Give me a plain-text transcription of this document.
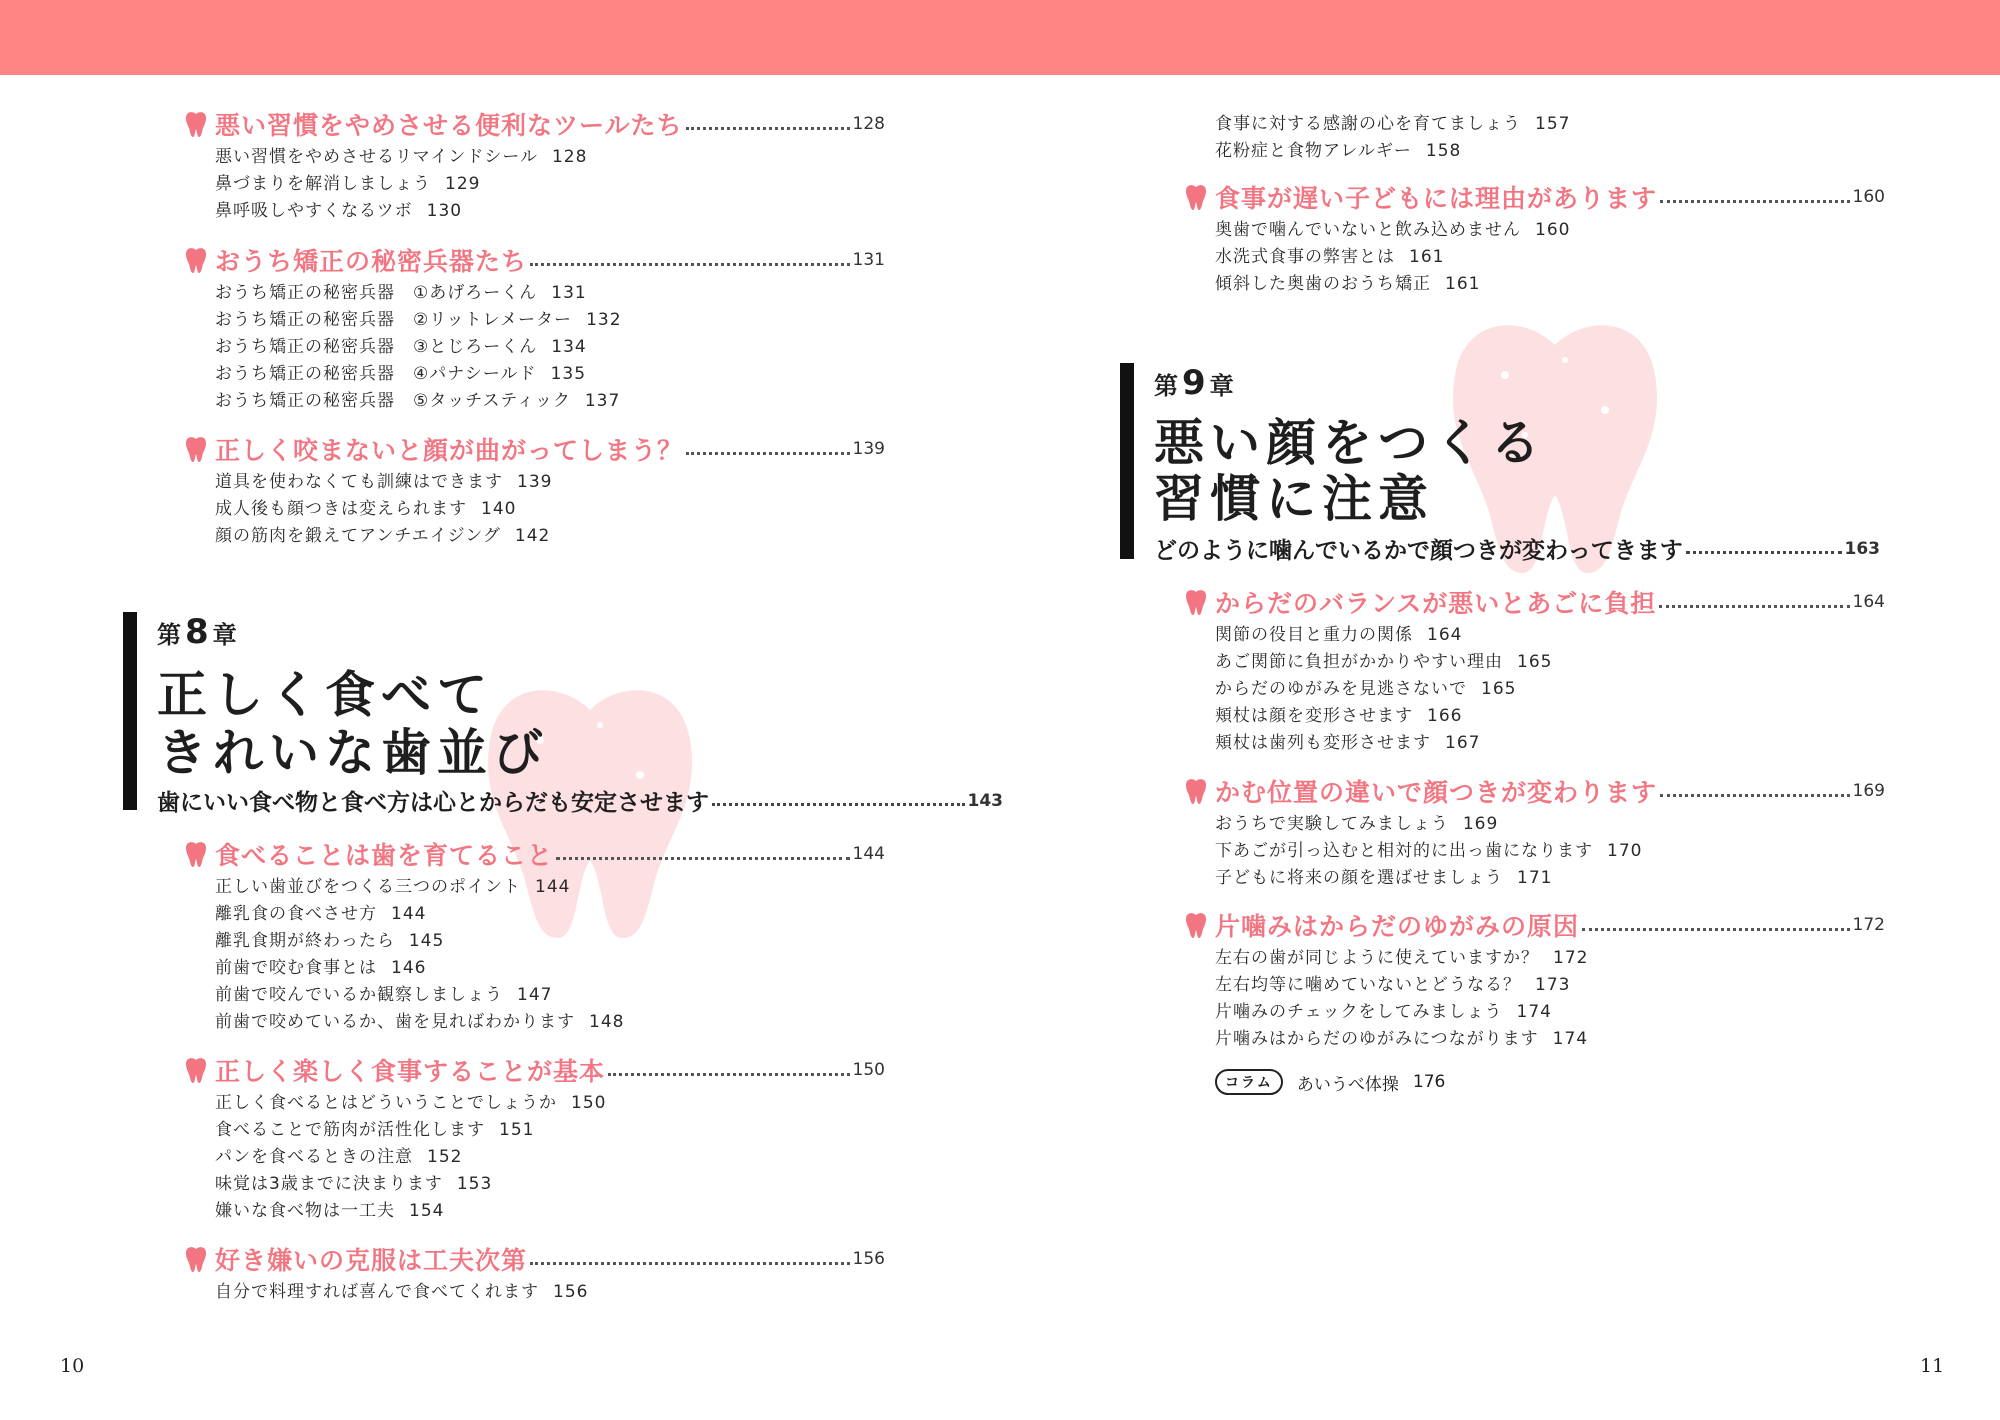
悪い習慣をやめさせる便利なツールたち	128
悪い習慣をやめさせるリマインドシール 128
鼻づまりを解消しましょう 129
鼻呼吸しやすくなるツボ 130
おうち矯正の秘密兵器たち	131
おうち矯正の秘密兵器　①あげろーくん 131
おうち矯正の秘密兵器　②リットレメーター 132
おうち矯正の秘密兵器　③とじろーくん 134
おうち矯正の秘密兵器　④パナシールド 135
おうち矯正の秘密兵器　⑤タッチスティック 137
正しく咬まないと顔が曲がってしまう？	139
道具を使わなくても訓練はできます 139
成人後も顔つきは変えられます 140
顔の筋肉を鍛えてアンチエイジング 142
第 8 章
正しく食べて
きれいな歯並び
歯にいい食べ物と食べ方は心とからだも安定させます	143
食べることは歯を育てること	144
正しい歯並びをつくる三つのポイント 144
離乳食の食べさせ方 144
離乳食期が終わったら 145
前歯で咬む食事とは 146
前歯で咬んでいるか観察しましょう 147
前歯で咬めているか、歯を見ればわかります 148
正しく楽しく食事することが基本	150
正しく食べるとはどういうことでしょうか 150
食べることで筋肉が活性化します 151
パンを食べるときの注意 152
味覚は3歳までに決まります 153
嫌いな食べ物は一工夫 154
好き嫌いの克服は工夫次第	156
自分で料理すれば喜んで食べてくれます 156
10
食事に対する感謝の心を育てましょう 157
花粉症と食物アレルギー 158
食事が遅い子どもには理由があります	160
奥歯で噛んでいないと飲み込めません 160
水洗式食事の弊害とは 161
傾斜した奥歯のおうち矯正 161
第 9 章
悪い顔をつくる
習慣に注意
どのように噛んでいるかで顔つきが変わってきます	163
からだのバランスが悪いとあごに負担	164
関節の役目と重力の関係 164
あご関節に負担がかかりやすい理由 165
からだのゆがみを見逃さないで 165
頬杖は顔を変形させます 166
頬杖は歯列も変形させます 167
かむ位置の違いで顔つきが変わります	169
おうちで実験してみましょう 169
下あごが引っ込むと相対的に出っ歯になります 170
子どもに将来の顔を選ばせましょう 171
片噛みはからだのゆがみの原因	172
左右の歯が同じように使えていますか？ 172
左右均等に噛めていないとどうなる？ 173
片噛みのチェックをしてみましょう 174
片噛みはからだのゆがみにつながります 174
コラム	あいうべ体操 176
11
